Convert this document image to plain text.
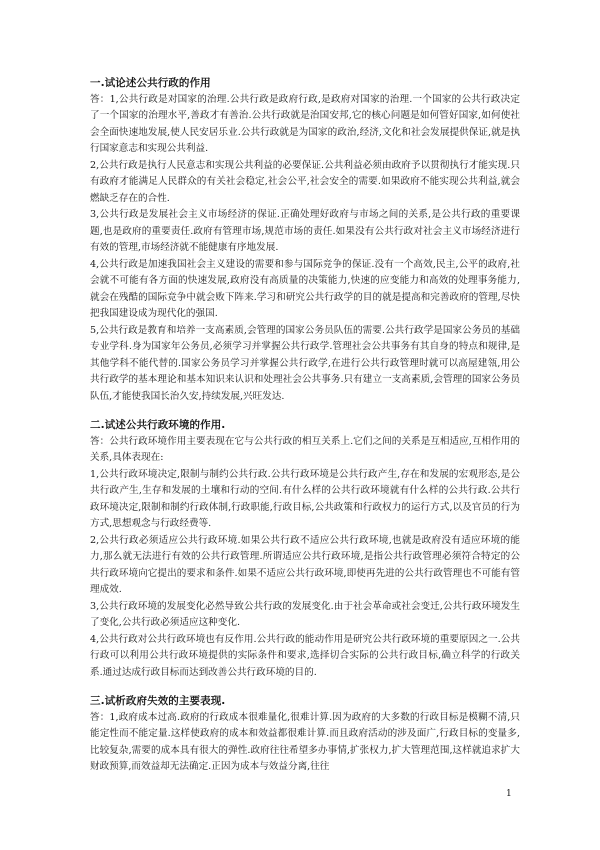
一.试论述公共行政的作用

答：1,公共行政是对国家的治理.公共行政是政府行政,是政府对国家的治理.一个国家的公共行政决定了一个国家的治理水平,善政才有善治.公共行政就是治国安邦,它的核心问题是如何管好国家,如何使社会全面快速地发展,使人民安居乐业.公共行政就是为国家的政治,经济,文化和社会发展提供保证,就是执行国家意志和实现公共利益.

2,公共行政是执行人民意志和实现公共利益的必要保证.公共利益必须由政府予以贯彻执行才能实现.只有政府才能满足人民群众的有关社会稳定,社会公平,社会安全的需要.如果政府不能实现公共利益,就会燃缺乏存在的合性.

3,公共行政是发展社会主义市场经济的保证.正确处理好政府与市场之间的关系,是公共行政的重要课题,也是政府的重要责任.政府有管理市场,规范市场的责任.如果没有公共行政对社会主义市场经济进行有效的管理,市场经济就不能健康有序地发展.

4,公共行政是加速我国社会主义建设的需要和参与国际竞争的保证.没有一个高效,民主,公平的政府,社会就不可能有各方面的快速发展,政府没有高质量的决策能力,快速的应变能力和高效的处理事务能力,就会在残酷的国际竞争中就会败下阵来.学习和研究公共行政学的目的就是提高和完善政府的管理,尽快把我国建设成为现代化的强国.

5,公共行政是教育和培养一支高素质,会管理的国家公务员队伍的需要.公共行政学是国家公务员的基础专业学科.身为国家年公务员,必须学习并掌握公共行政学.管理社会公共事务有其自身的特点和规律,是其他学科不能代替的.国家公务员学习并掌握公共行政学,在进行公共行政管理时就可以高屋建瓴,用公共行政学的基本理论和基本知识来认识和处理社会公共事务.只有建立一支高素质,会管理的国家公务员队伍,才能使我国长治久安,持续发展,兴旺发达.

二.试述公共行政环境的作用.

答：公共行政环境作用主要表现在它与公共行政的相互关系上.它们之间的关系是互相适应,互相作用的关系,具体表现在:

1,公共行政环境决定,限制与制约公共行政.公共行政环境是公共行政产生,存在和发展的宏观形态,是公共行政产生,生存和发展的土壤和行动的空间.有什么样的公共行政环境就有什么样的公共行政.公共行政环境决定,限制和制约行政体制,行政职能,行政目标,公共政策和行政权力的运行方式,以及官员的行为方式,思想观念与行政经费等.

2,公共行政必须适应公共行政环境.如果公共行政不适应公共行政环境,也就是政府没有适应环境的能力,那么就无法进行有效的公共行政管理.所谓适应公共行政环境,是指公共行政管理必须符合特定的公共行政环境向它提出的要求和条件.如果不适应公共行政环境,即使再先进的公共行政管理也不可能有管理成效.

3,公共行政环境的发展变化必然导致公共行政的发展变化.由于社会革命或社会变迁,公共行政环境发生了变化,公共行政必须适应这种变化.

4,公共行政对公共行政环境也有反作用.公共行政的能动作用是研究公共行政环境的重要原因之一.公共行政可以利用公共行政环境提供的实际条件和要求,选择切合实际的公共行政目标,确立科学的行政关系.通过达成行政目标而达到改善公共行政环境的目的.

三.试析政府失效的主要表现.

答：1,政府成本过高.政府的行政成本很难量化,很难计算.因为政府的大多数的行政目标是模糊不清,只能定性而不能定量.这样使政府的成本和效益都很难计算.而且政府活动的涉及面广,行政目标的变量多,比较复杂,需要的成本具有很大的弹性.政府往往希望多办事情,扩张权力,扩大管理范围,这样就追求扩大财政预算,而效益却无法确定.正因为成本与效益分离,往往

1
